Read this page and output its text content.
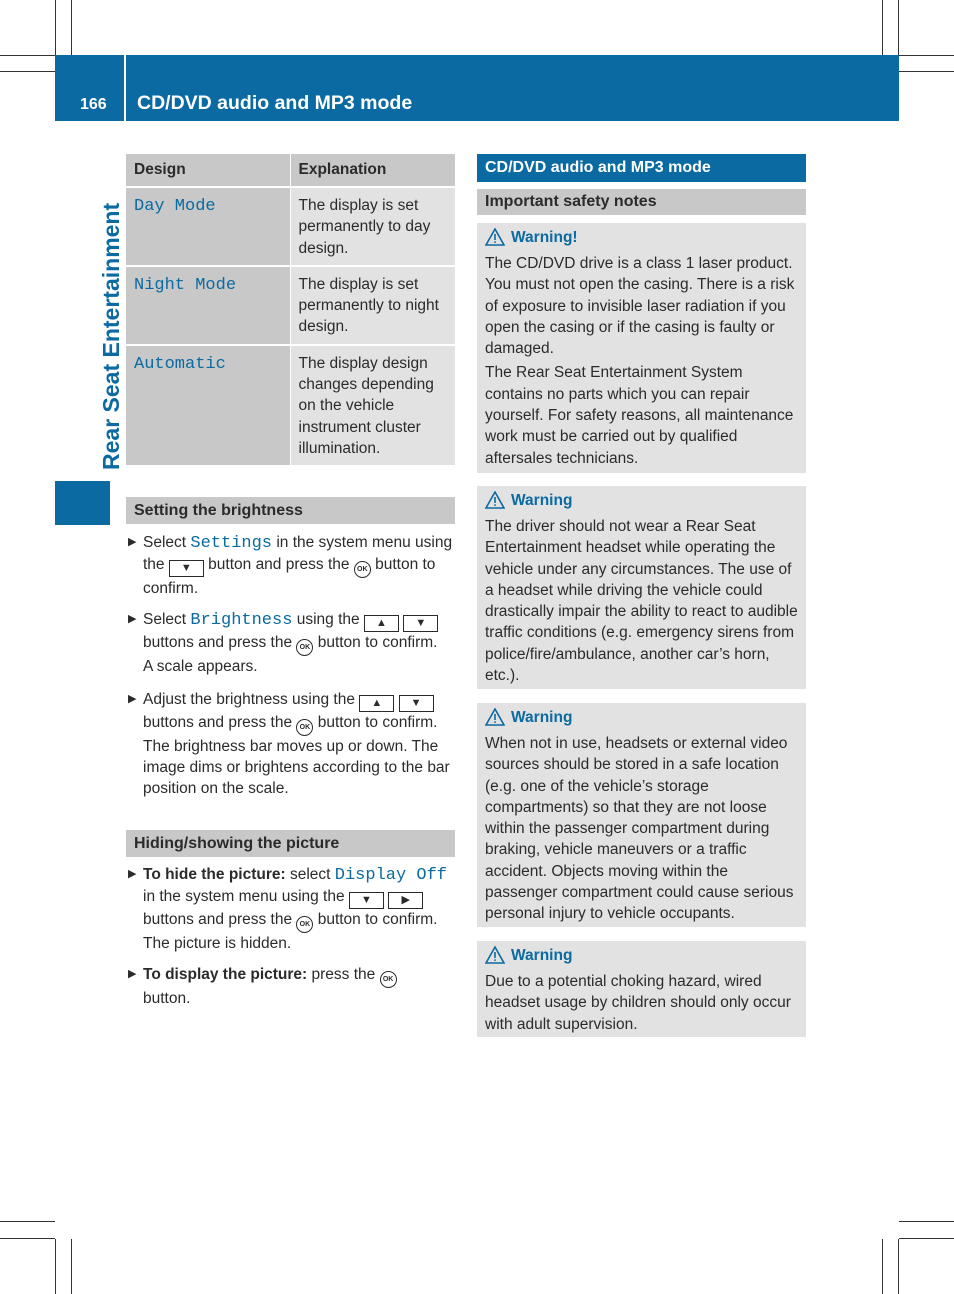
166 CD/DVD audio and MP3 mode
Rear Seat Entertainment
Design	Explanation
Day Mode	The display is set permanently to day design.
Night Mode	The display is set permanently to night design.
Automatic	The display design changes depending on the vehicle instrument cluster illumination.
Setting the brightness
▶ Select Settings in the system menu using the ▼ button and press the OK button to confirm.
▶ Select Brightness using the ▲	▼ buttons and press the OK button to confirm.
A scale appears.
▶ Adjust the brightness using the ▲	▼ buttons and press the OK button to confirm.
The brightness bar moves up or down. The image dims or brightens according to the bar position on the scale.
Hiding/showing the picture
▶ To hide the picture: select Display Off in the system menu using the ▼	▶ buttons and press the OK button to confirm.
The picture is hidden.
▶ To display the picture: press the OK
button.
CD/DVD audio and MP3 mode
Important safety notes
Warning!

The CD/DVD drive is a class 1 laser product. You must not open the casing. There is a risk of exposure to invisible laser radiation if you open the casing or if the casing is faulty or damaged.

The Rear Seat Entertainment System contains no parts which you can repair yourself. For safety reasons, all maintenance work must be carried out by qualified aftersales technicians.

Warning

The driver should not wear a Rear Seat Entertainment headset while operating the vehicle under any circumstances. The use of a headset while driving the vehicle could drastically impair the ability to react to audible traffic conditions (e.g. emergency sirens from police/fire/ambulance, another car’s horn, etc.).

Warning

When not in use, headsets or external video sources should be stored in a safe location (e.g. one of the vehicle’s storage compartments) so that they are not loose within the passenger compartment during braking, vehicle maneuvers or a traffic accident. Objects moving within the passenger compartment could cause serious personal injury to vehicle occupants.

Warning

Due to a potential choking hazard, wired headset usage by children should only occur with adult supervision.
